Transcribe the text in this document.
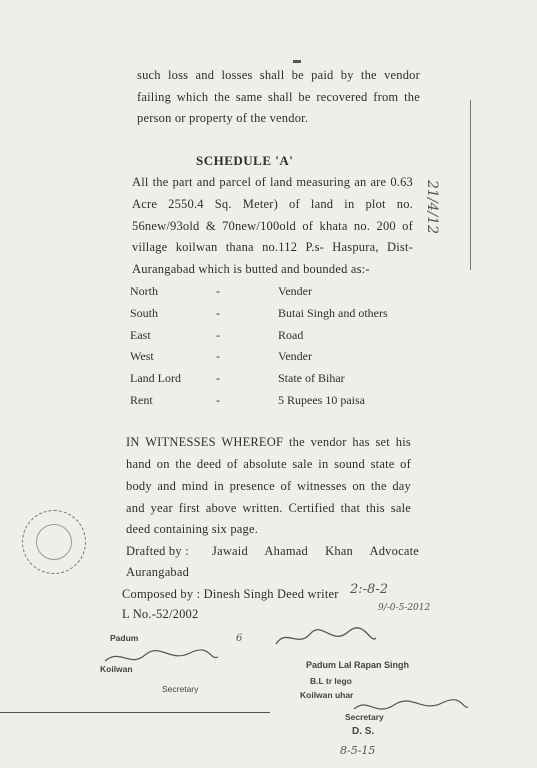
such loss and losses shall be paid by the vendor
failing which the same shall be recovered from the
person or property of the vendor.
21/4/12
SCHEDULE 'A'
All the part and parcel of land measuring an are 0.63
Acre 2550.4 Sq. Meter) of land in plot no.
56new/93old & 70new/100old of khata no. 200 of
village koilwan thana no.112 P.s- Haspura, Dist-
Aurangabad which is butted and bounded as:-
North	-	Vender
South	-	Butai Singh and others
East	-	Road
West	-	Vender
Land Lord	-	State of Bihar
Rent	-	5 Rupees 10 paisa
IN WITNESSES WHEREOF the vendor has set his
hand on the deed of absolute sale in sound state of
body and mind in presence of witnesses on the day
and year first above written. Certified that this sale
deed containing six page.
Drafted by : Jawaid Ahamad Khan Advocate
Aurangabad
Composed by : Dinesh Singh Deed writer
L No.-52/2002
2:-8-2
9/-0-5-2012
Padum	6
Koilwan
Secretary
Padum Lal Rapan Singh
B.L tr lego
Koilwan uhar
Secretary
D. S.
8-5-15
